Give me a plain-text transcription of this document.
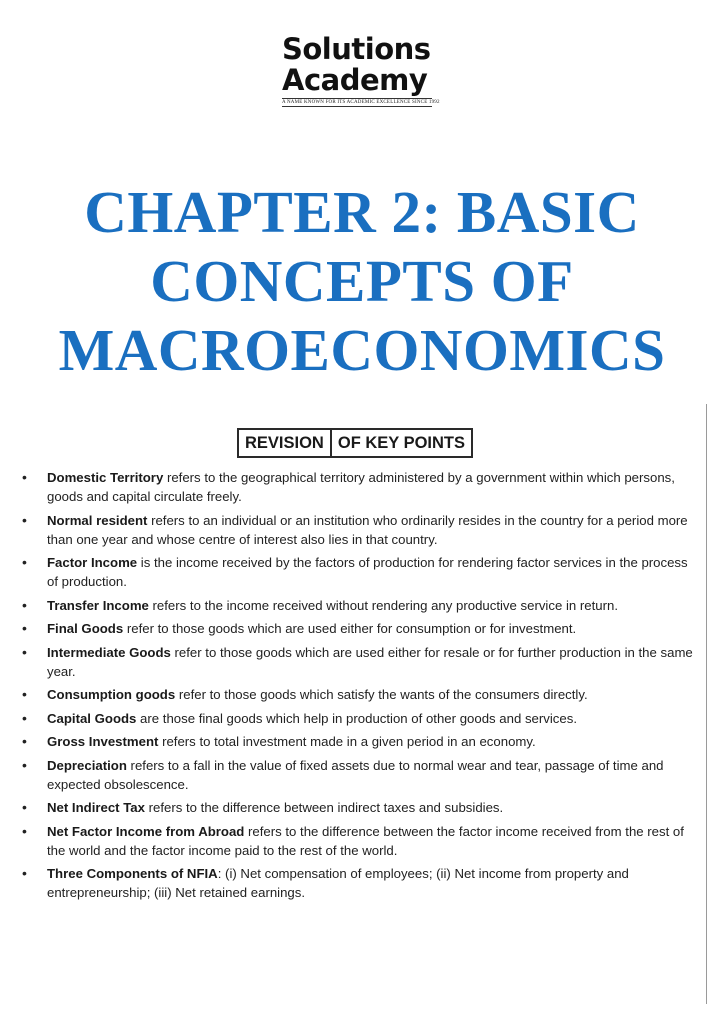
Solutions
Academy
A NAME KNOWN FOR ITS ACADEMIC EXCELLENCE SINCE 1992
CHAPTER 2: BASIC
CONCEPTS OF
MACROECONOMICS
REVISION OF KEY POINTS
• Domestic Territory refers to the geographical territory administered by a government within which persons, goods and capital circulate freely.
• Normal resident refers to an individual or an institution who ordinarily resides in the country for a period more than one year and whose centre of interest also lies in that country.
• Factor Income is the income received by the factors of production for rendering factor services in the process of production.
• Transfer Income refers to the income received without rendering any productive service in return.
• Final Goods refer to those goods which are used either for consumption or for investment.
• Intermediate Goods refer to those goods which are used either for resale or for further production in the same year.
• Consumption goods refer to those goods which satisfy the wants of the consumers directly.
• Capital Goods are those final goods which help in production of other goods and services.
• Gross Investment refers to total investment made in a given period in an economy.
• Depreciation refers to a fall in the value of fixed assets due to normal wear and tear, passage of time and expected obsolescence.
• Net Indirect Tax refers to the difference between indirect taxes and subsidies.
• Net Factor Income from Abroad refers to the difference between the factor income received from the rest of the world and the factor income paid to the rest of the world.
• Three Components of NFIA: (i) Net compensation of employees; (ii) Net income from property and entrepreneurship; (iii) Net retained earnings.
